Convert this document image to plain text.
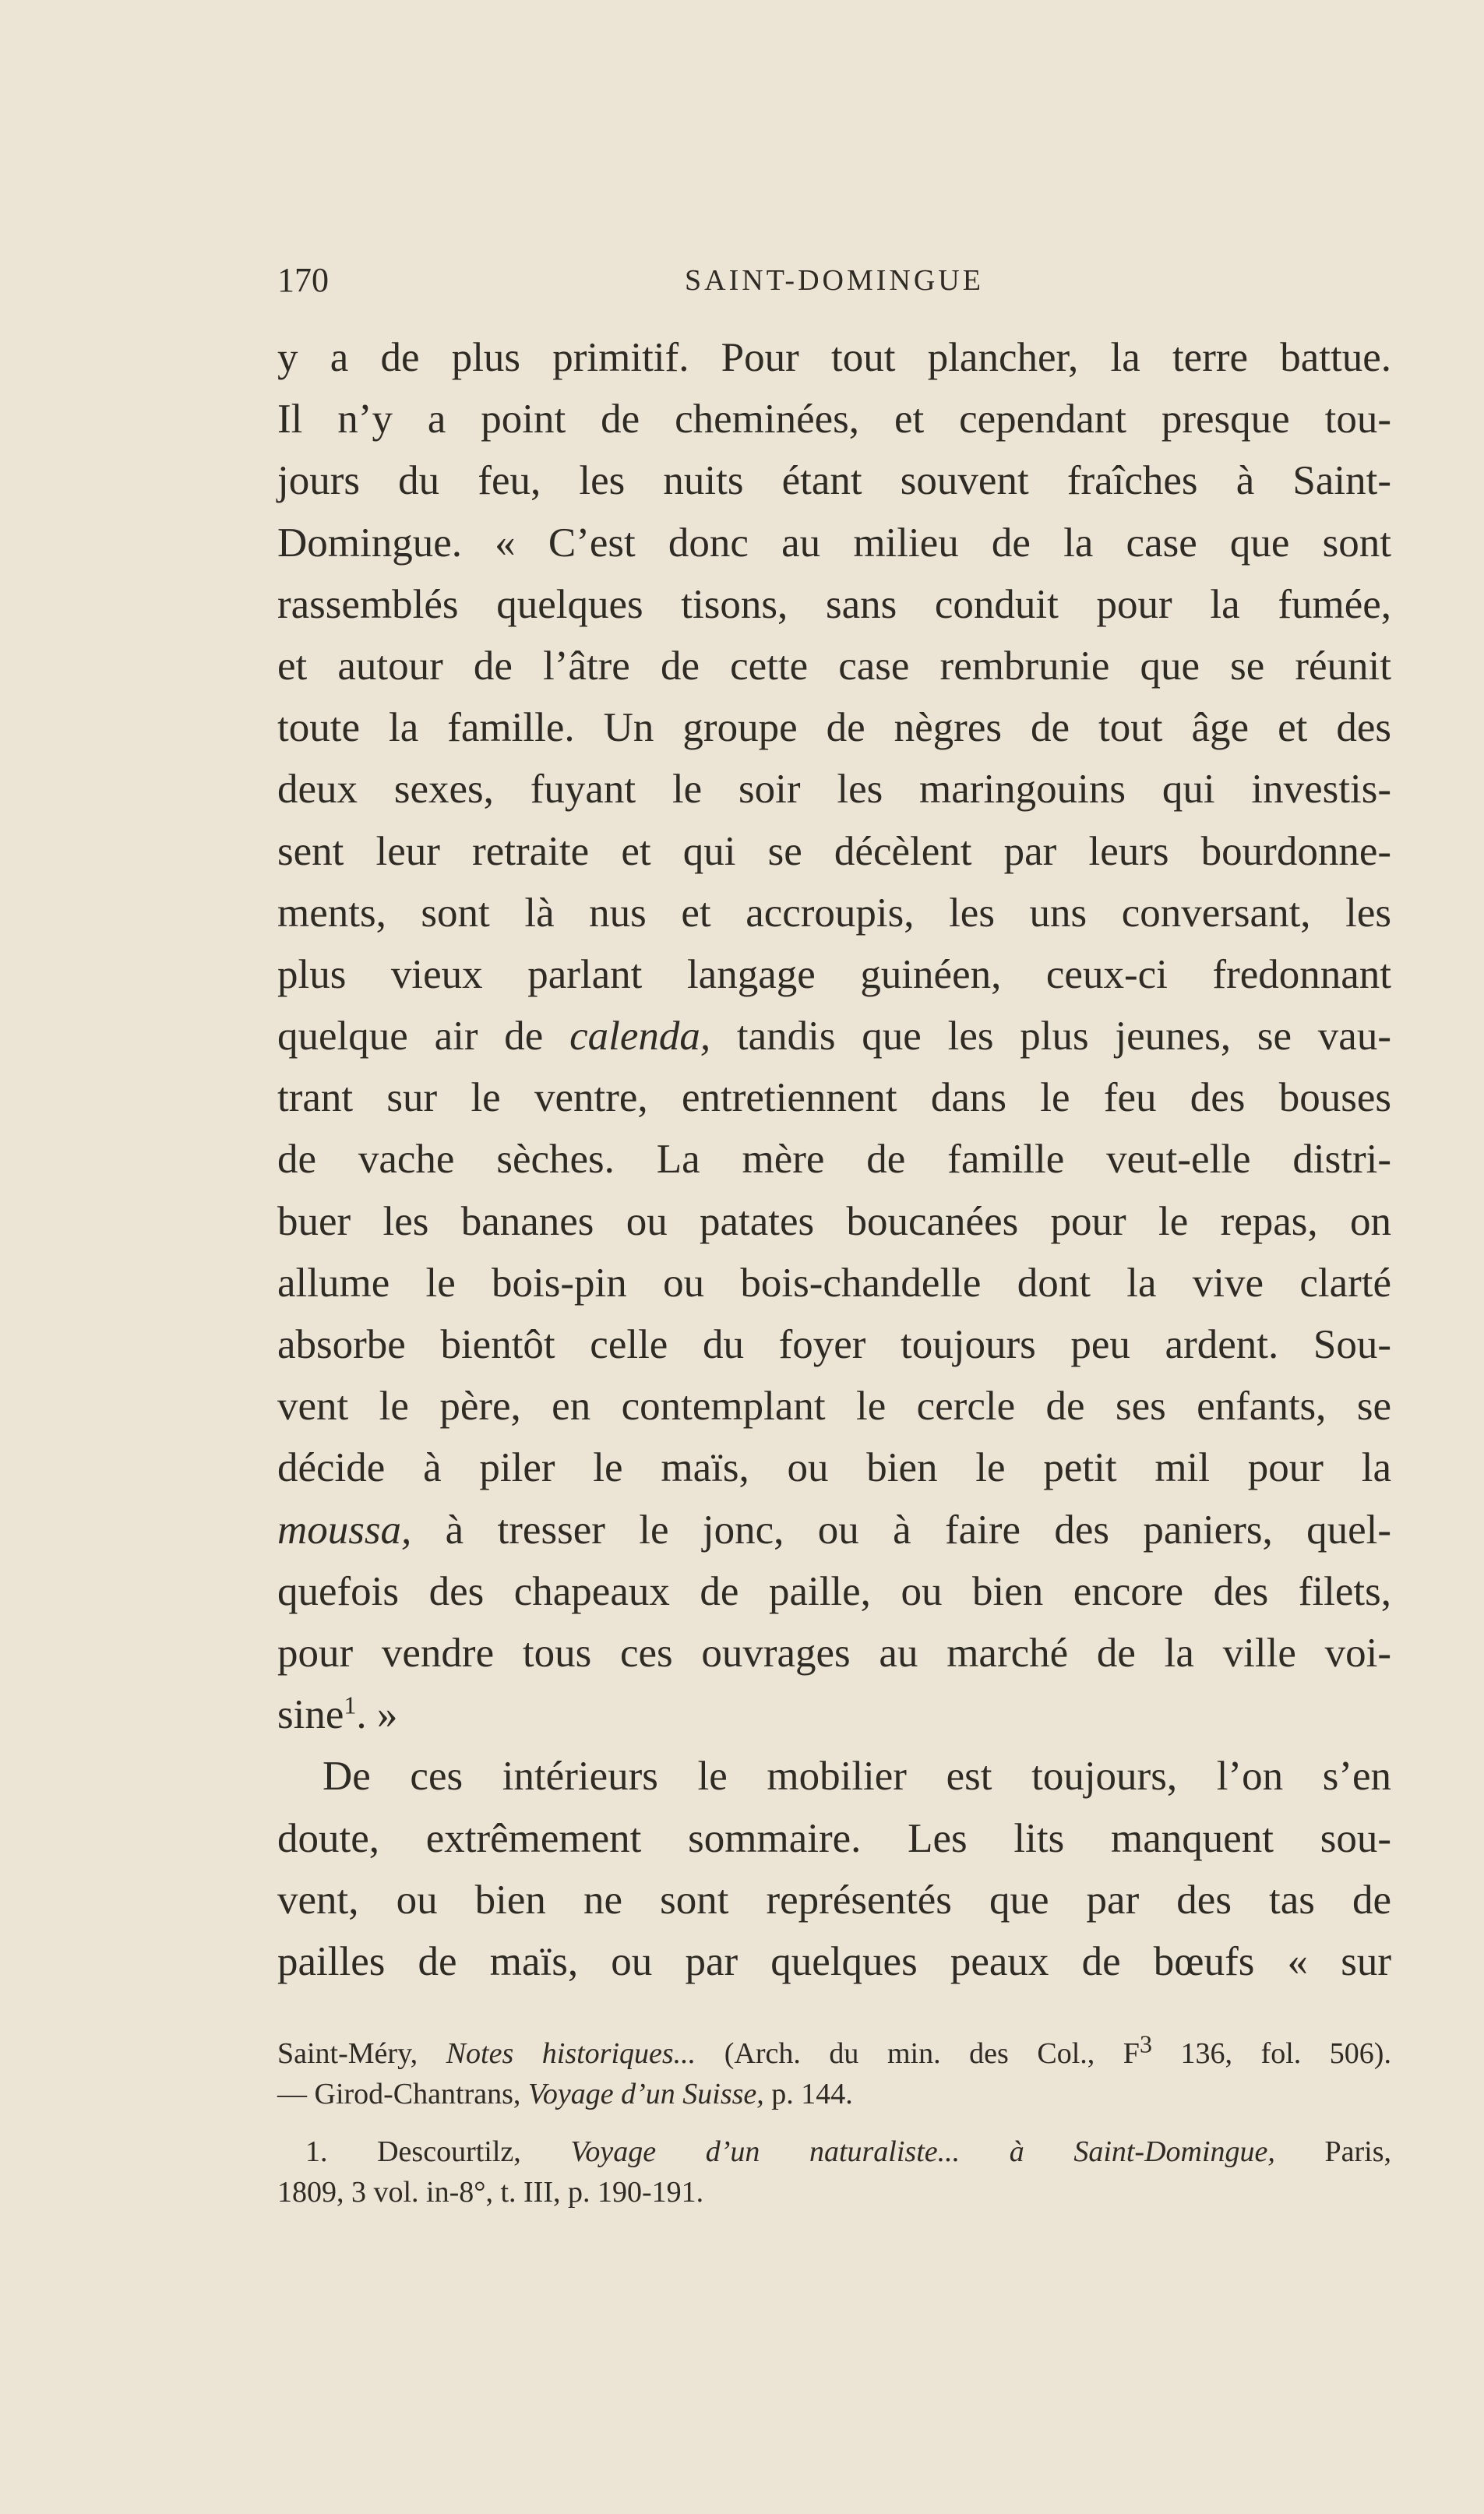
170	SAINT-DOMINGUE
y a de plus primitif. Pour tout plancher, la terre battue.
Il n’y a point de cheminées, et cependant presque tou-
jours du feu, les nuits étant souvent fraîches à Saint-
Domingue. « C’est donc au milieu de la case que sont
rassemblés quelques tisons, sans conduit pour la fumée,
et autour de l’âtre de cette case rembrunie que se réunit
toute la famille. Un groupe de nègres de tout âge et des
deux sexes, fuyant le soir les maringouins qui investis-
sent leur retraite et qui se décèlent par leurs bourdonne-
ments, sont là nus et accroupis, les uns conversant, les
plus vieux parlant langage guinéen, ceux-ci fredonnant
quelque air de calenda, tandis que les plus jeunes, se vau-
trant sur le ventre, entretiennent dans le feu des bouses
de vache sèches. La mère de famille veut-elle distri-
buer les bananes ou patates boucanées pour le repas, on
allume le bois-pin ou bois-chandelle dont la vive clarté
absorbe bientôt celle du foyer toujours peu ardent. Sou-
vent le père, en contemplant le cercle de ses enfants, se
décide à piler le maïs, ou bien le petit mil pour la
moussa, à tresser le jonc, ou à faire des paniers, quel-
quefois des chapeaux de paille, ou bien encore des filets,
pour vendre tous ces ouvrages au marché de la ville voi-
sine$^1$. »
De ces intérieurs le mobilier est toujours, l’on s’en
doute, extrêmement sommaire. Les lits manquent sou-
vent, ou bien ne sont représentés que par des tas de
pailles de maïs, ou par quelques peaux de bœufs « sur
Saint-Méry, Notes historiques... (Arch. du min. des Col., $F^3$ 136, fol. 506).
— Girod-Chantrans, Voyage d’un Suisse, p. 144.
1. Descourtilz, Voyage d’un naturaliste... à Saint-Domingue, Paris,
1809, 3 vol. in-8°, t. III, p. 190-191.
